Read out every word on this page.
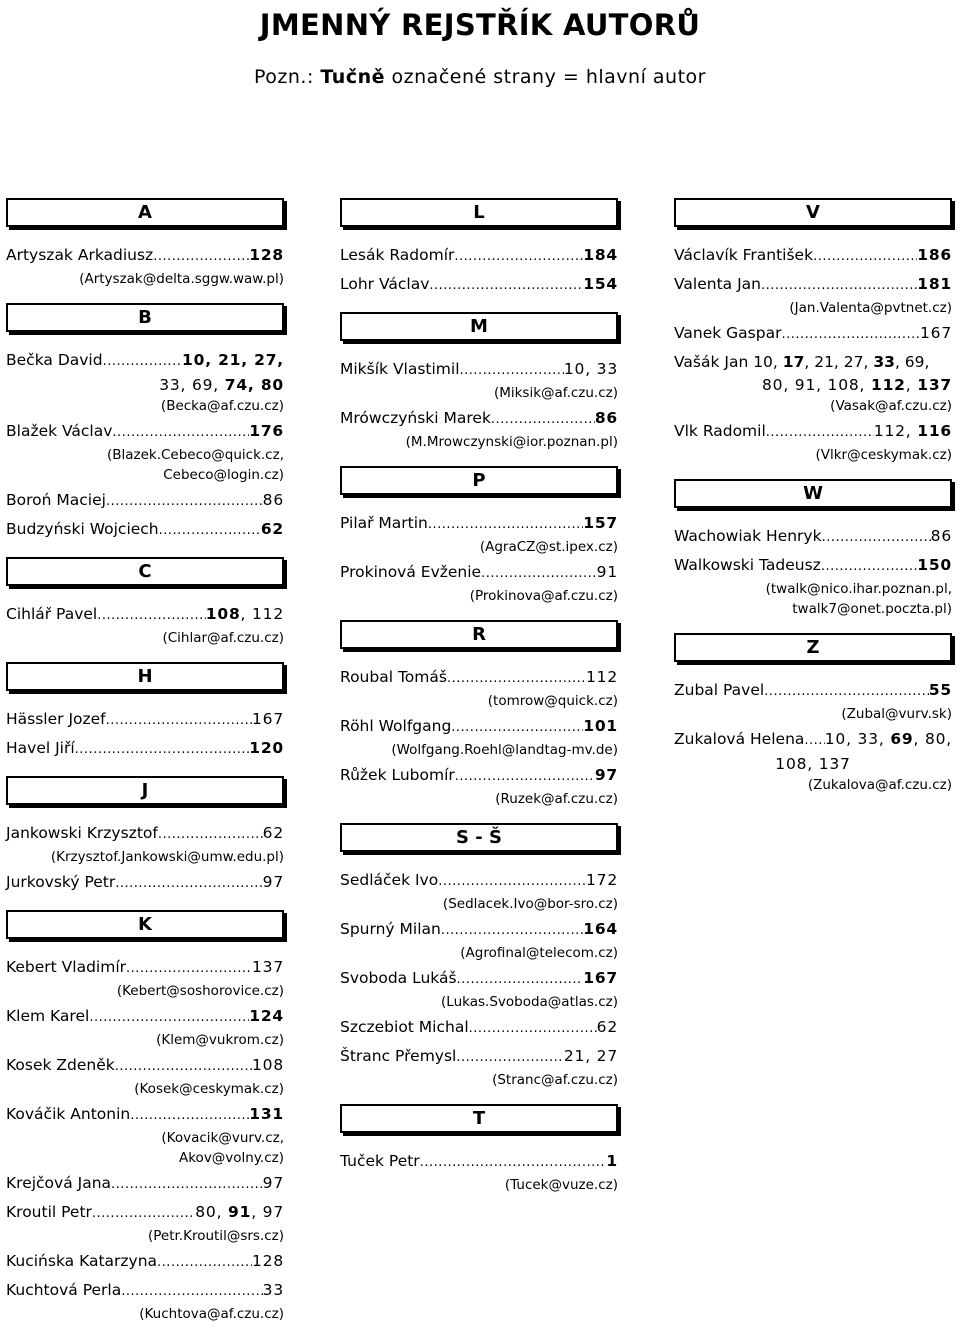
JMENNÝ REJSTŘÍK AUTORŮ
Pozn.: Tučně označené strany = hlavní autor
A
Artyszak Arkadiusz .....	128
(Artyszak@delta.sggw.waw.pl)
B
Bečka David .....	10, 21, 27,
33, 69, 74, 80
(Becka@af.czu.cz)
Blažek Václav .....	176
(Blazek.Cebeco@quick.cz,
Cebeco@login.cz)
Boroń Maciej .....	86
Budzyński Wojciech .....	62
C
Cihlář Pavel .....	108, 112
(Cihlar@af.czu.cz)
H
Hässler Jozef .....	167
Havel Jiří .....	120
J
Jankowski Krzysztof .....	62
(Krzysztof.Jankowski@umw.edu.pl)
Jurkovský Petr .....	97
K
Kebert Vladimír .....	137
(Kebert@soshorovice.cz)
Klem Karel .....	124
(Klem@vukrom.cz)
Kosek Zdeněk .....	108
(Kosek@ceskymak.cz)
Kováčik Antonin .....	131
(Kovacik@vurv.cz,
Akov@volny.cz)
Krejčová Jana .....	97
Kroutil Petr .....	80, 91, 97
(Petr.Kroutil@srs.cz)
Kucińska Katarzyna .....	128
Kuchtová Perla .....	33
(Kuchtova@af.czu.cz)
L
Lesák Radomír .....	184
Lohr Václav .....	154
M
Mikšík Vlastimil .....	10, 33
(Miksik@af.czu.cz)
Mrówczyński Marek .....	86
(M.Mrowczynski@ior.poznan.pl)
P
Pilař Martin .....	157
(AgraCZ@st.ipex.cz)
Prokinová Evženie .....	91
(Prokinova@af.czu.cz)
R
Roubal Tomáš .....	112
(tomrow@quick.cz)
Röhl Wolfgang .....	101
(Wolfgang.Roehl@landtag-mv.de)
Růžek Lubomír .....	97
(Ruzek@af.czu.cz)
S - Š
Sedláček Ivo .....	172
(Sedlacek.Ivo@bor-sro.cz)
Spurný Milan .....	164
(Agrofinal@telecom.cz)
Svoboda Lukáš .....	167
(Lukas.Svoboda@atlas.cz)
Szczebiot Michal .....	62
Štranc Přemysl .....	21, 27
(Stranc@af.czu.cz)
T
Tuček Petr .....	1
(Tucek@vuze.cz)
V
Václavík František .....	186
Valenta Jan .....	181
(Jan.Valenta@pvtnet.cz)
Vanek Gaspar .....	167
Vašák Jan 10, 17, 21, 27, 33, 69,
80, 91, 108, 112, 137
(Vasak@af.czu.cz)
Vlk Radomil .....	112, 116
(Vlkr@ceskymak.cz)
W
Wachowiak Henryk .....	86
Walkowski Tadeusz .....	150
(twalk@nico.ihar.poznan.pl,
twalk7@onet.poczta.pl)
Z
Zubal Pavel .....	55
(Zubal@vurv.sk)
Zukalová Helena ..... 10, 33, 69, 80,
108, 137
(Zukalova@af.czu.cz)
